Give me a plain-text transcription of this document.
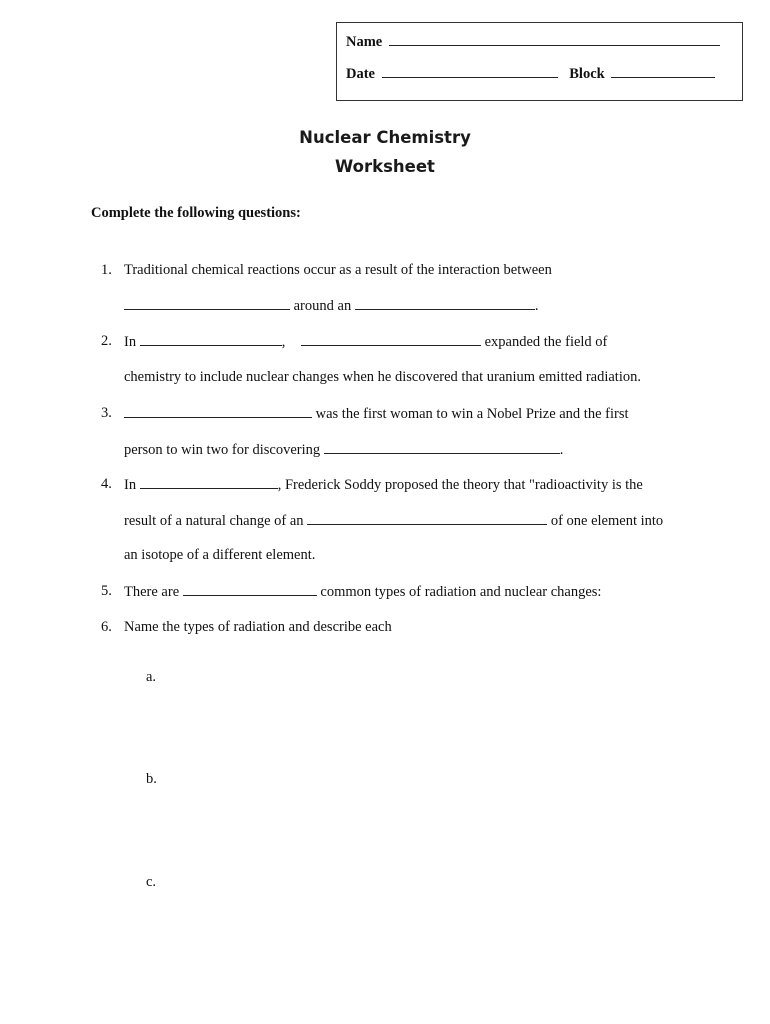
Name
Date	Block
Nuclear Chemistry
Worksheet
Complete the following questions:
1. Traditional chemical reactions occur as a result of the interaction between
around an	.
2. In	,	expanded the field of
chemistry to include nuclear changes when he discovered that uranium emitted radiation.
3.	was the first woman to win a Nobel Prize and the first
person to win two for discovering	.
4. In	, Frederick Soddy proposed the theory that "radioactivity is the
result of a natural change of an	of one element into
an isotope of a different element.
5. There are	common types of radiation and nuclear changes:
6. Name the types of radiation and describe each
a.
b.
c.
